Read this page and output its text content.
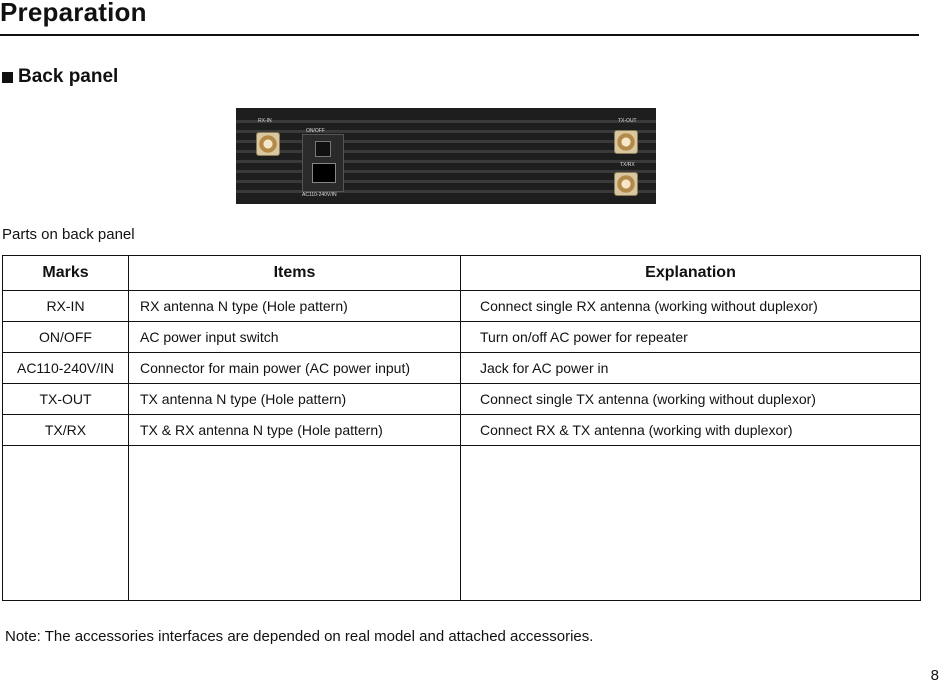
Preparation
Back panel
RX-IN
ON/OFF
AC110-240V/IN
TX-OUT
TX/RX
Parts on back panel
Marks	Items	Explanation
RX-IN	RX antenna N type (Hole pattern)	Connect single RX antenna (working without duplexor)
ON/OFF	AC power input switch	Turn on/off AC power for repeater
AC110-240V/IN	Connector for main power (AC power input)	Jack for AC power in
TX-OUT	TX antenna N type (Hole pattern)	Connect single TX antenna (working without duplexor)
TX/RX	TX & RX antenna N type (Hole pattern)	Connect RX & TX antenna (working with duplexor)

Note: The accessories interfaces are depended on real model and attached accessories.
8
